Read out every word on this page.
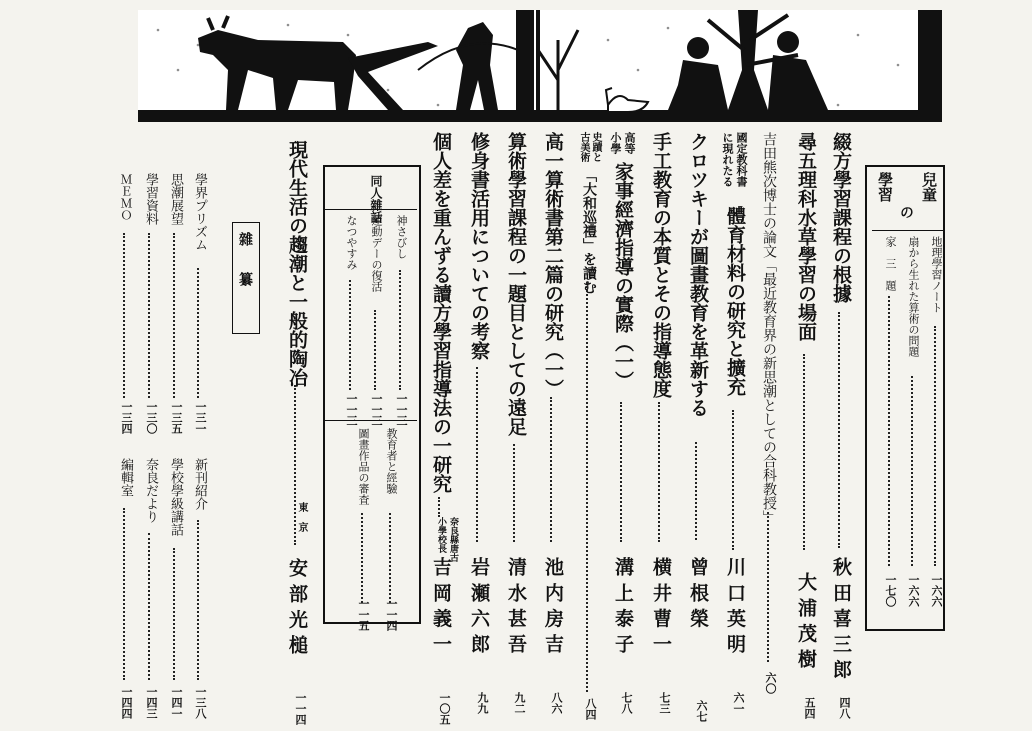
兒童
の
學習
地理學習ノート
一六六
扇から生れた算術の問題
一六六
家　三　題
一七〇
綴方學習課程の根據
秋 田 喜 三 郎
四八
尋五理科水草學習の場面
大 浦 茂 樹
五四
吉田熊次博士の論文「最近教育界の新思潮としての合科教授」
六〇
國定教科書
に現れたる
體育材料の研究と擴充
川 口 英 明
六一
クロツキーが圖畫教育を革新する
曾 根 榮
六七
手工教育の本質とその指導態度
横 井 曹 一
七三
高等
小學
家事經濟指導の實際（一）
溝 上 泰 子
七八
史蹟と
古美術
「大和巡禮」を讀む
八四
高一算術書第二篇の研究（一）
池 内 房 吉
八六
算術學習課程の一題目としての遠足
清 水 甚 吾
九二
修身書活用についての考察
岩 瀬 六 郎
九九
個人差を重んずる讀方學習指導法の一研究
奈良縣唐古
小學校長
吉 岡 義 一
一〇五
同人雜話
神さびし
一一三
運動デーの復活
一一三
なつやすみ
一一三
教育者と經驗
一一四
圖畫作品の審査
一一五
現代生活の趨潮と一般的陶冶
東　京
安 部 光 槌
一一四
雜　纂
學界プリズム
一三一
思潮展望
一三五
學習資料
一三〇
ＭＥＭＯ
一三四
新刊紹介
一三八
學校學級講話
一四一
奈良だより
一四三
編輯室
一四四
